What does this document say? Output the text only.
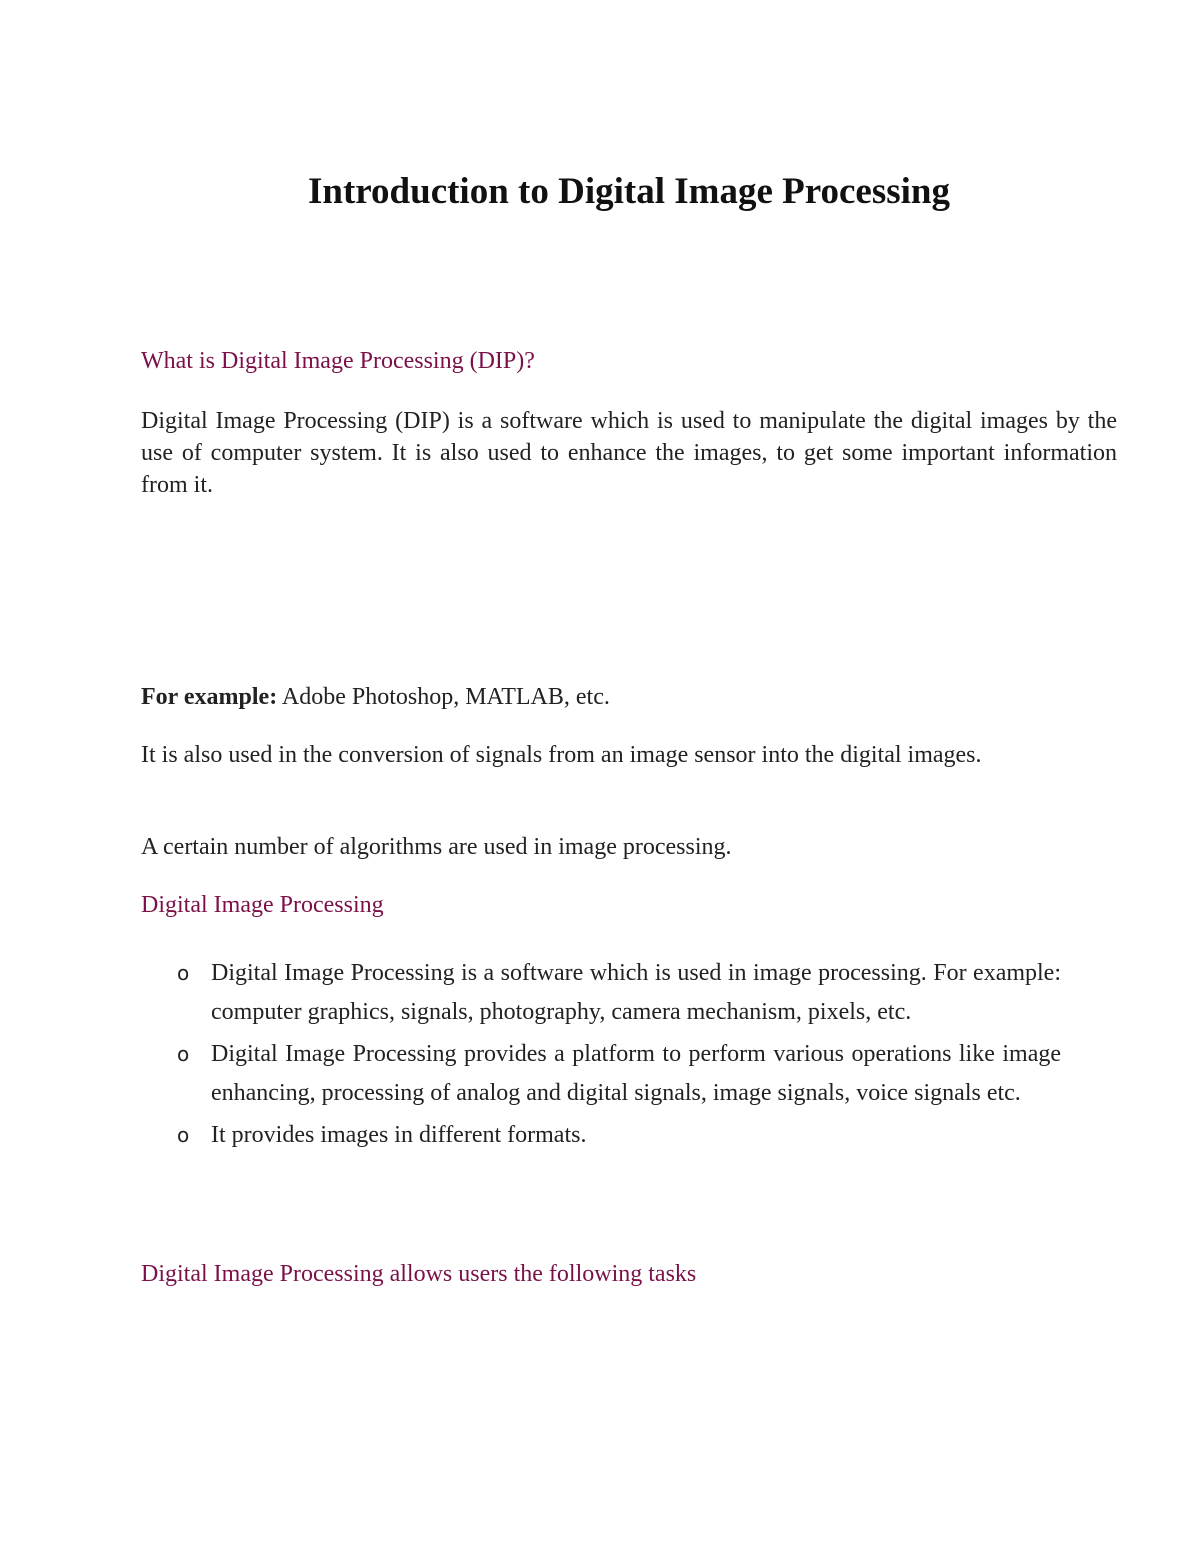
Introduction to Digital Image Processing
What is Digital Image Processing (DIP)?

Digital Image Processing (DIP) is a software which is used to manipulate the digital images by the use of computer system. It is also used to enhance the images, to get some important information from it.

For example: Adobe Photoshop, MATLAB, etc.

It is also used in the conversion of signals from an image sensor into the digital images.

A certain number of algorithms are used in image processing.

Digital Image Processing
o Digital Image Processing is a software which is used in image processing. For example: computer graphics, signals, photography, camera mechanism, pixels, etc.
o Digital Image Processing provides a platform to perform various operations like image enhancing, processing of analog and digital signals, image signals, voice signals etc.
o It provides images in different formats.
Digital Image Processing allows users the following tasks
